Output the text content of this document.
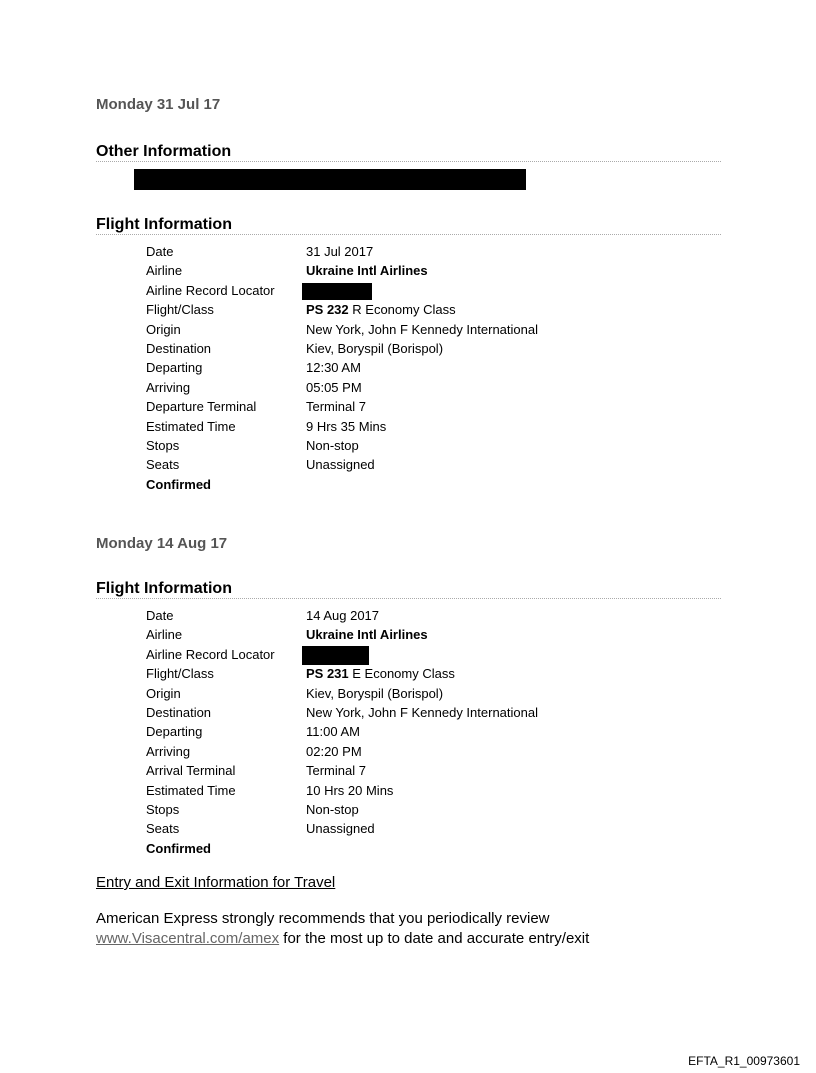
Monday 31 Jul 17
Other Information
Flight Information
Date	31 Jul 2017
Airline	Ukraine Intl Airlines
Airline Record Locator
Flight/Class	PS 232 R Economy Class
Origin	New York, John F Kennedy International
Destination	Kiev, Boryspil (Borispol)
Departing	12:30 AM
Arriving	05:05 PM
Departure Terminal	Terminal 7
Estimated Time	9 Hrs 35 Mins
Stops	Non-stop
Seats	Unassigned
Confirmed
Monday 14 Aug 17
Flight Information
Date	14 Aug 2017
Airline	Ukraine Intl Airlines
Airline Record Locator
Flight/Class	PS 231 E Economy Class
Origin	Kiev, Boryspil (Borispol)
Destination	New York, John F Kennedy International
Departing	11:00 AM
Arriving	02:20 PM
Arrival Terminal	Terminal 7
Estimated Time	10 Hrs 20 Mins
Stops	Non-stop
Seats	Unassigned
Confirmed
Entry and Exit Information for Travel
American Express strongly recommends that you periodically review
www.Visacentral.com/amex for the most up to date and accurate entry/exit
EFTA_R1_00973601
